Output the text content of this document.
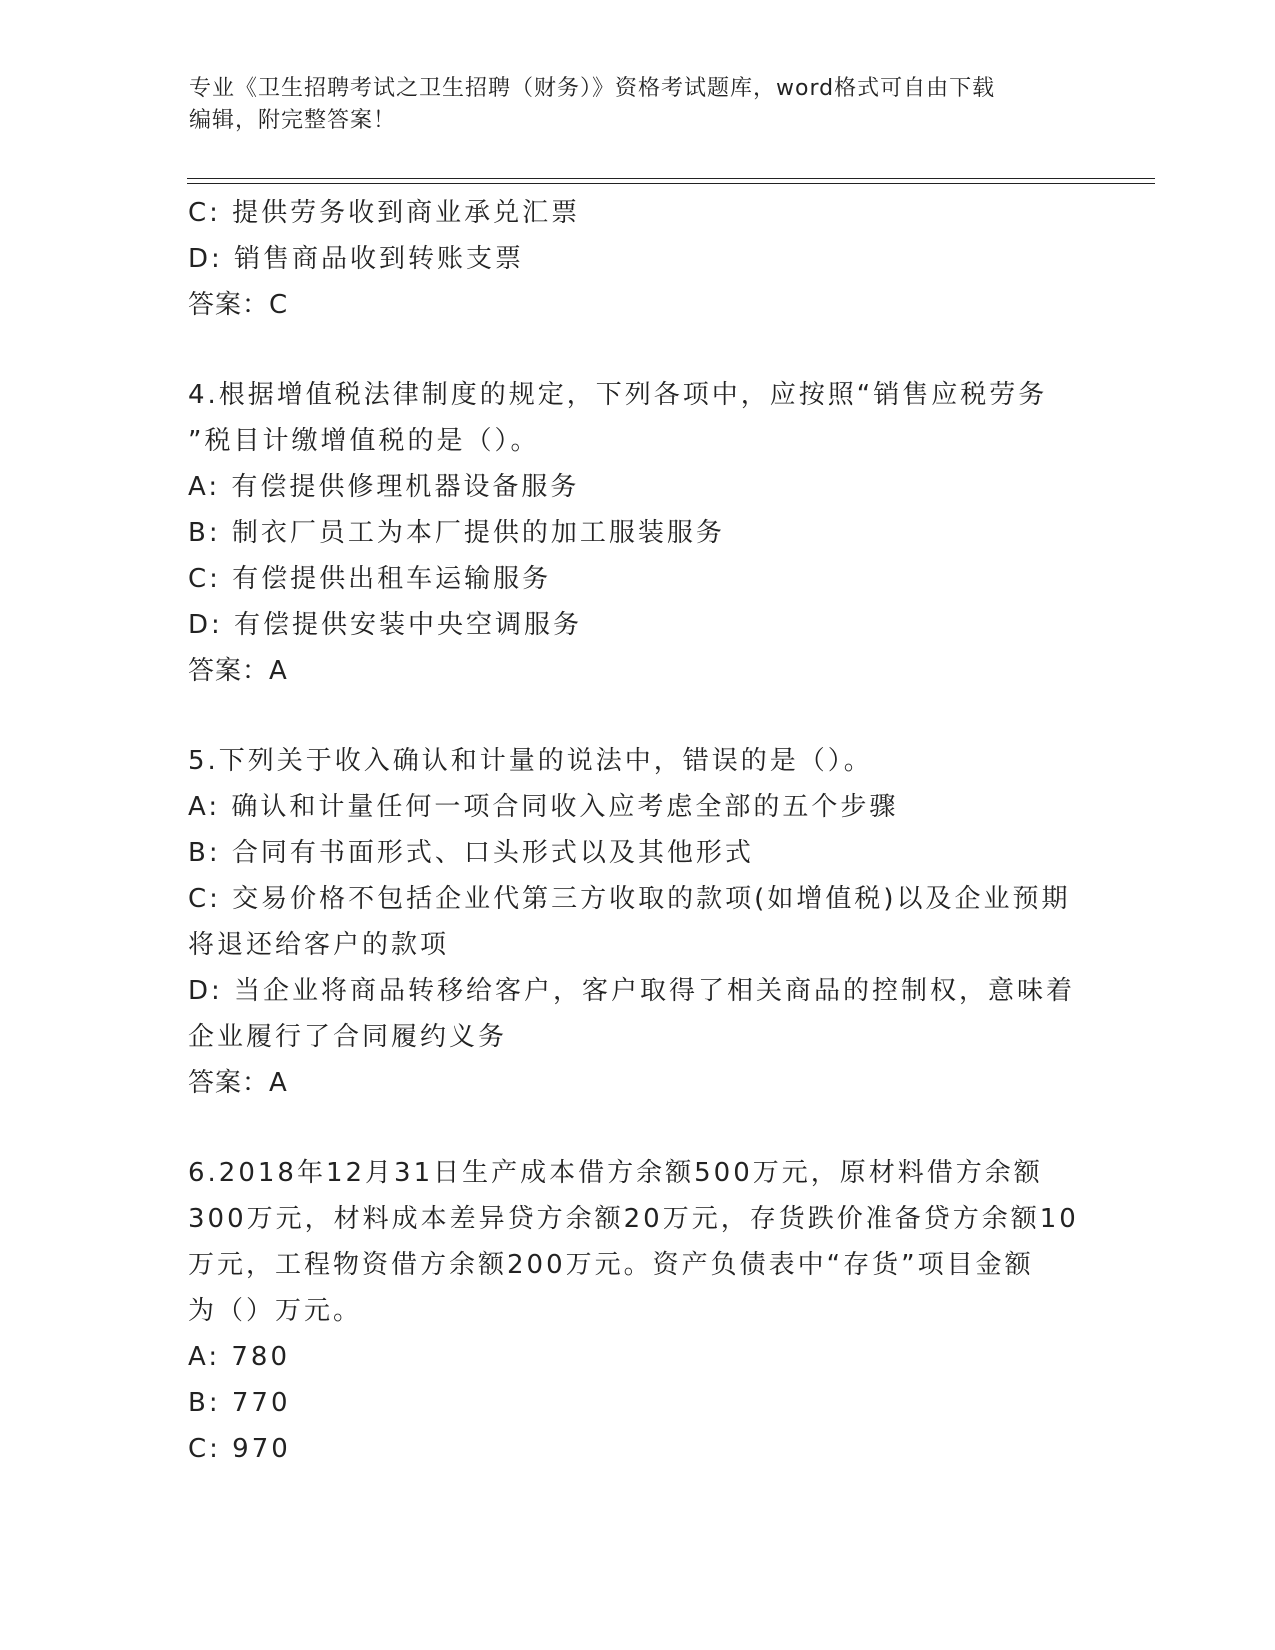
专业《卫生招聘考试之卫生招聘（财务）》资格考试题库，word格式可自由下载
编辑，附完整答案！
C: 提供劳务收到商业承兑汇票
D: 销售商品收到转账支票
答案：C
4.根据增值税法律制度的规定，下列各项中，应按照“销售应税劳务
”税目计缴增值税的是（）。
A: 有偿提供修理机器设备服务
B: 制衣厂员工为本厂提供的加工服装服务
C: 有偿提供出租车运输服务
D: 有偿提供安装中央空调服务
答案：A
5.下列关于收入确认和计量的说法中，错误的是（）。
A: 确认和计量任何一项合同收入应考虑全部的五个步骤
B: 合同有书面形式、口头形式以及其他形式
C: 交易价格不包括企业代第三方收取的款项(如增值税)以及企业预期
将退还给客户的款项
D: 当企业将商品转移给客户，客户取得了相关商品的控制权，意味着
企业履行了合同履约义务
答案：A
6.2018年12月31日生产成本借方余额500万元，原材料借方余额
300万元，材料成本差异贷方余额20万元，存货跌价准备贷方余额10
万元，工程物资借方余额200万元。资产负债表中“存货”项目金额
为（）万元。
A: 780
B: 770
C: 970
